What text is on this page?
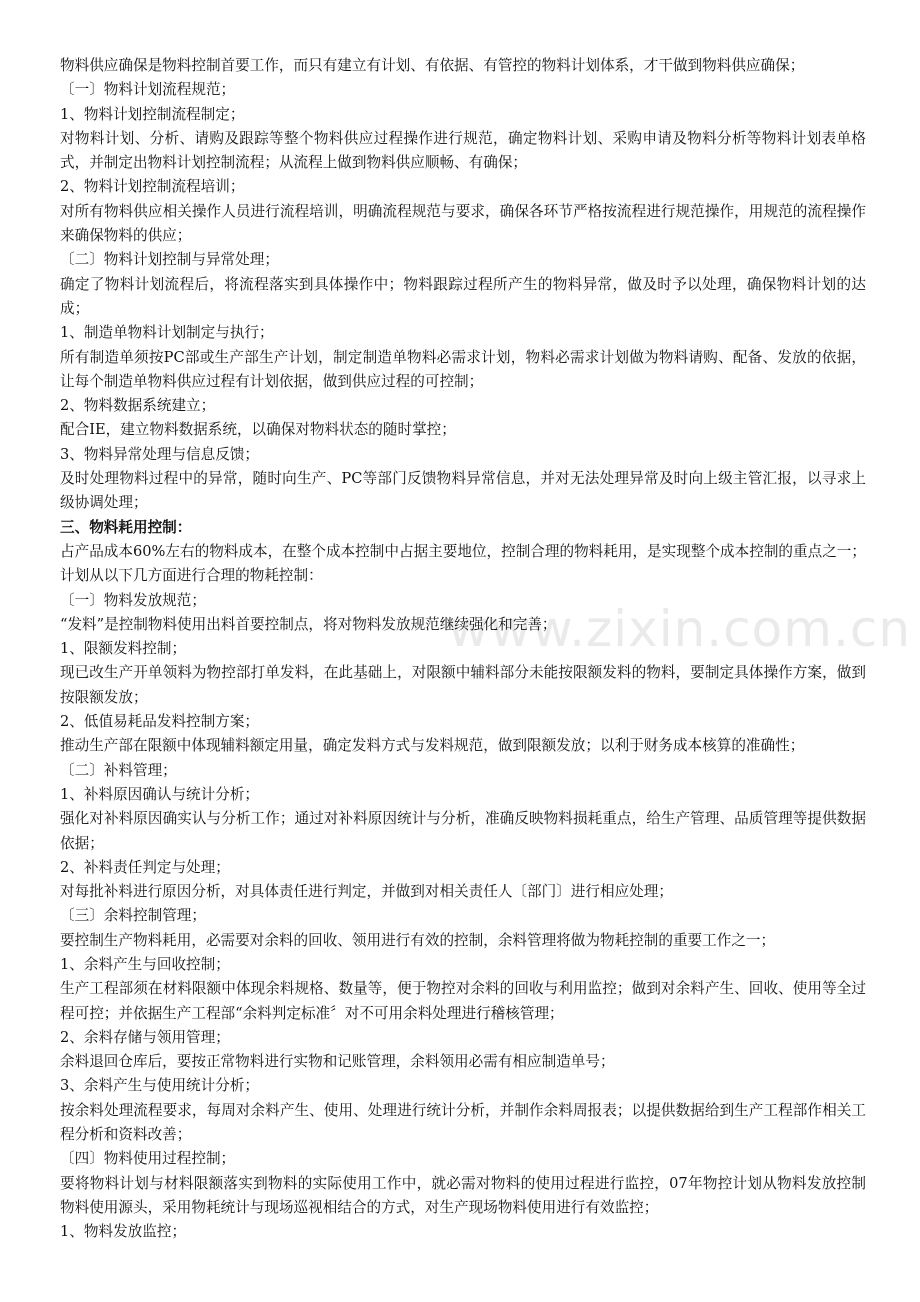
www.zixin.com.cn

物料供应确保是物料控制首要工作，而只有建立有计划、有依据、有管控的物料计划体系，才干做到物料供应确保；

〔一〕物料计划流程规范；

1、物料计划控制流程制定；

对物料计划、分析、请购及跟踪等整个物料供应过程操作进行规范，确定物料计划、采购申请及物料分析等物料计划表单格式，并制定出物料计划控制流程；从流程上做到物料供应顺畅、有确保；

2、物料计划控制流程培训；

对所有物料供应相关操作人员进行流程培训，明确流程规范与要求，确保各环节严格按流程进行规范操作，用规范的流程操作来确保物料的供应；

〔二〕物料计划控制与异常处理；

确定了物料计划流程后，将流程落实到具体操作中；物料跟踪过程所产生的物料异常，做及时予以处理，确保物料计划的达成；

1、制造单物料计划制定与执行；

所有制造单须按PC部或生产部生产计划，制定制造单物料必需求计划，物料必需求计划做为物料请购、配备、发放的依据，让每个制造单物料供应过程有计划依据，做到供应过程的可控制；

2、物料数据系统建立；

配合IE，建立物料数据系统，以确保对物料状态的随时掌控；

3、物料异常处理与信息反馈；

及时处理物料过程中的异常，随时向生产、PC等部门反馈物料异常信息，并对无法处理异常及时向上级主管汇报，以寻求上级协调处理；

三、物料耗用控制：

占产品成本60%左右的物料成本，在整个成本控制中占据主要地位，控制合理的物料耗用，是实现整个成本控制的重点之一；计划从以下几方面进行合理的物耗控制：

〔一〕物料发放规范；

“发料”是控制物料使用出料首要控制点，将对物料发放规范继续强化和完善；

1、限额发料控制；

现已改生产开单领料为物控部打单发料，在此基础上，对限额中辅料部分未能按限额发料的物料，要制定具体操作方案，做到按限额发放；

2、低值易耗品发料控制方案；

推动生产部在限额中体现辅料额定用量，确定发料方式与发料规范，做到限额发放；以利于财务成本核算的准确性；

〔二〕补料管理；

1、补料原因确认与统计分析；

强化对补料原因确实认与分析工作；通过对补料原因统计与分析，准确反映物料损耗重点，给生产管理、品质管理等提供数据依据；

2、补料责任判定与处理；

对每批补料进行原因分析，对具体责任进行判定，并做到对相关责任人〔部门〕进行相应处理；

〔三〕余料控制管理；

要控制生产物料耗用，必需要对余料的回收、领用进行有效的控制，余料管理将做为物耗控制的重要工作之一；

1、余料产生与回收控制；

生产工程部须在材料限额中体现余料规格、数量等，便于物控对余料的回收与利用监控；做到对余料产生、回收、使用等全过程可控；并依据生产工程部“余料判定标准〞对不可用余料处理进行稽核管理；

2、余料存储与领用管理；

余料退回仓库后，要按正常物料进行实物和记账管理，余料领用必需有相应制造单号；

3、余料产生与使用统计分析；

按余料处理流程要求，每周对余料产生、使用、处理进行统计分析，并制作余料周报表；以提供数据给到生产工程部作相关工程分析和资料改善；

〔四〕物料使用过程控制；

要将物料计划与材料限额落实到物料的实际使用工作中，就必需对物料的使用过程进行监控，07年物控计划从物料发放控制物料使用源头，采用物耗统计与现场巡视相结合的方式，对生产现场物料使用进行有效监控；

1、物料发放监控；
